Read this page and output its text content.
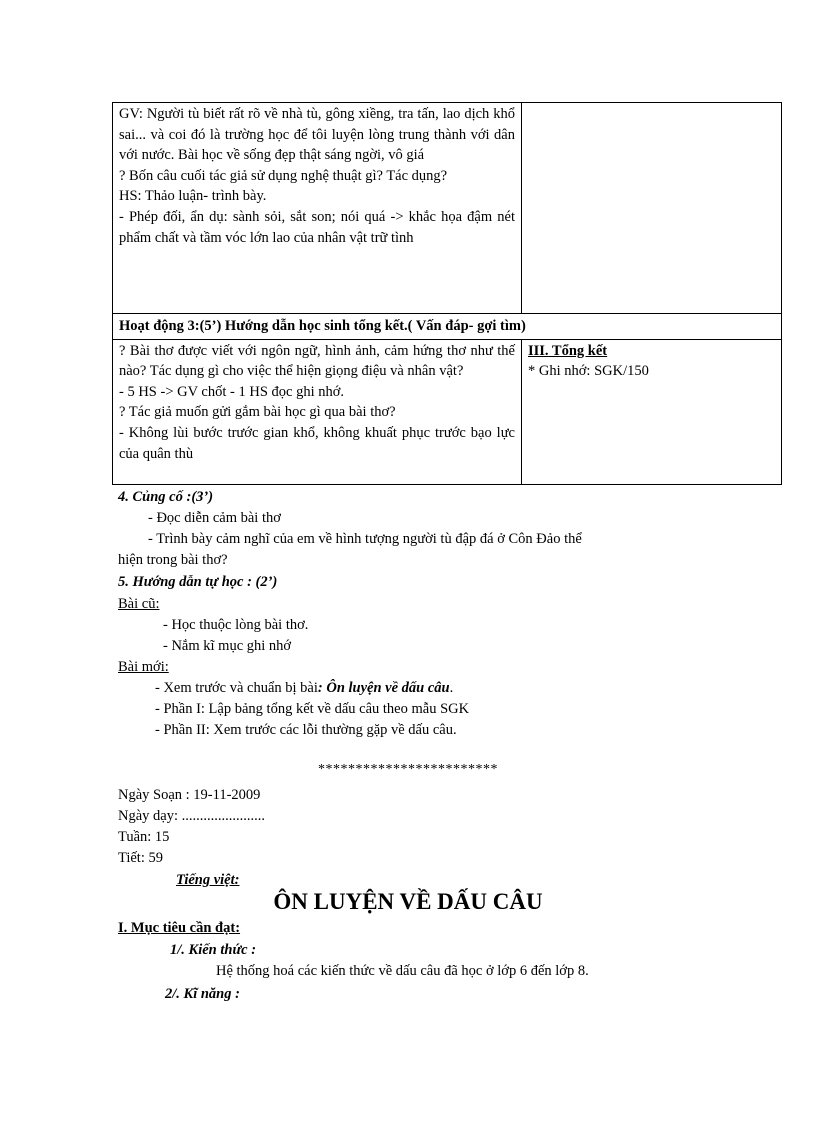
GV: Người tù biết rất rõ về nhà tù, gông xiềng, tra tấn, lao dịch khổ sai... và coi đó là trường học để tôi luyện lòng trung thành với dân với nước. Bài học về sống đẹp thật sáng ngời, vô giá
? Bốn câu cuối tác giả sử dụng nghệ thuật gì? Tác dụng?
HS: Thảo luận- trình bày.
- Phép đối, ẩn dụ: sành sỏi, sắt son; nói quá -> khắc họa đậm nét phẩm chất và tầm vóc lớn lao của nhân vật trữ tình	

Hoạt động 3:(5’) Hướng dẫn học sinh tổng kết.( Vấn đáp- gợi tìm)	

? Bài thơ được viết với ngôn ngữ, hình ảnh, cảm hứng thơ như thế nào? Tác dụng gì cho việc thể hiện giọng điệu và nhân vật?
- 5 HS -> GV chốt - 1 HS đọc ghi nhớ.
? Tác giả muốn gửi gắm bài học gì qua bài thơ?
- Không lùi bước trước gian khổ, không khuất phục trước bạo lực của quân thù	III. Tổng kết
* Ghi nhớ: SGK/150
4. Củng cố :(3’)
- Đọc diễn cảm bài thơ
- Trình bày cảm nghĩ của em về hình tượng người tù đập đá ở Côn Đảo thể
hiện trong bài thơ?
5. Hướng dẫn tự học : (2’)
Bài cũ:
- Học thuộc lòng bài thơ.
- Nắm kĩ mục ghi nhớ
Bài mới:
- Xem trước và chuẩn bị bài: Ôn luyện về dấu câu.
- Phần I: Lập bảng tổng kết về dấu câu theo mẫu SGK
- Phần II: Xem trước các lỗi thường gặp về dấu câu.
************************
Ngày Soạn : 19-11-2009
Ngày dạy: .......................
Tuần: 15
Tiết: 59
Tiếng việt:
ÔN LUYỆN VỀ DẤU CÂU
I. Mục tiêu cần đạt:
1/. Kiến thức :
Hệ thống hoá các kiến thức về dấu câu đã học ở lớp 6 đến lớp 8.
2/. Kĩ năng :
